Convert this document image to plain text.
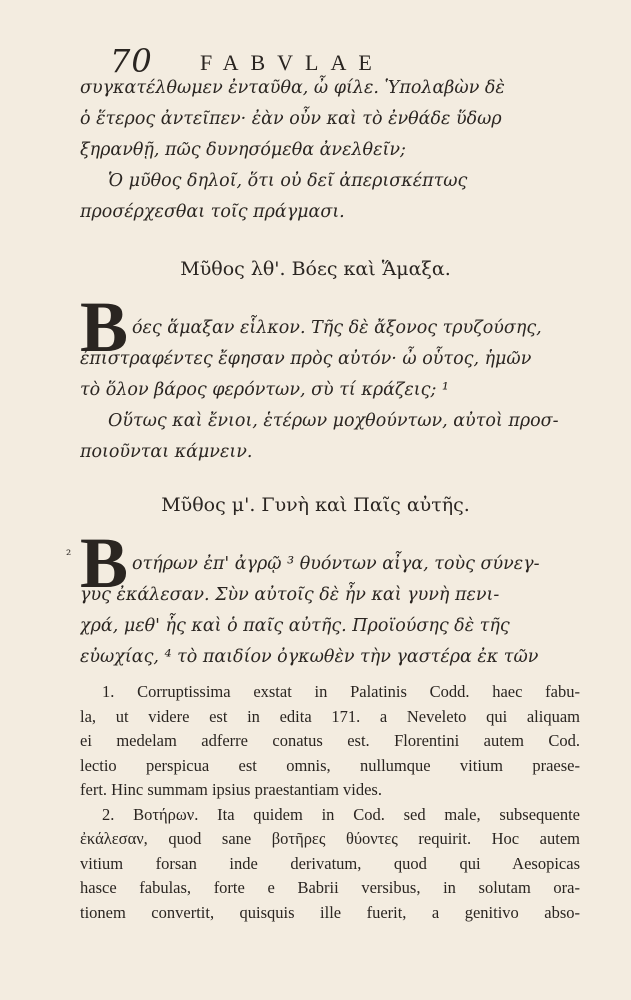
70 FABVLAE
συγκατέλθωμεν ἐνταῦθα, ὦ φίλε. Ὑπολαβὼν δὲ
ὁ ἕτερος ἀντεῖπεν· ἐὰν οὖν καὶ τὸ ἐνθάδε ὕδωρ
ξηρανθῇ, πῶς δυνησόμεθα ἀνελθεῖν;
Ὁ μῦθος δηλοῖ, ὅτι οὐ δεῖ ἀπερισκέπτως
προσέρχεσθαι τοῖς πράγμασι.
Μῦθος λθ'. Βόες καὶ Ἅμαξα.
B όες ἅμαξαν εἷλκον. Τῆς δὲ ἄξονος τρυζούσης,
ἐπιστραφέντες ἔφησαν πρὸς αὐτόν· ὦ οὗτος, ἡμῶν
τὸ ὅλον βάρος φερόντων, σὺ τί κράζεις; ¹
Οὕτως καὶ ἔνιοι, ἑτέρων μοχθούντων, αὐτοὶ προσ-
ποιοῦνται κάμνειν.
Μῦθος μ'. Γυνὴ καὶ Παῖς αὐτῆς.
² B οτήρων ἐπ' ἀγρῷ ³ θυόντων αἶγα, τοὺς σύνεγ-
γυς ἐκάλεσαν. Σὺν αὐτοῖς δὲ ἦν καὶ γυνὴ πενι-
χρά, μεθ' ἧς καὶ ὁ παῖς αὐτῆς. Προϊούσης δὲ τῆς
εὐωχίας, ⁴ τὸ παιδίον ὀγκωθὲν τὴν γαστέρα ἐκ τῶν
1. Corruptissima exstat in Palatinis Codd. haec fabu-
la, ut videre est in edita 171. a Neveleto qui aliquam
ei medelam adferre conatus est. Florentini autem Cod.
lectio perspicua est omnis, nullumque vitium praese-
fert. Hinc summam ipsius praestantiam vides.
2. Βοτήρων. Ita quidem in Cod. sed male, subsequente
ἐκάλεσαν, quod sane βοτῆρες θύοντες requirit. Hoc autem
vitium forsan inde derivatum, quod qui Aesopicas
hasce fabulas, forte e Babrii versibus, in solutam ora-
tionem convertit, quisquis ille fuerit, a genitivo abso-
